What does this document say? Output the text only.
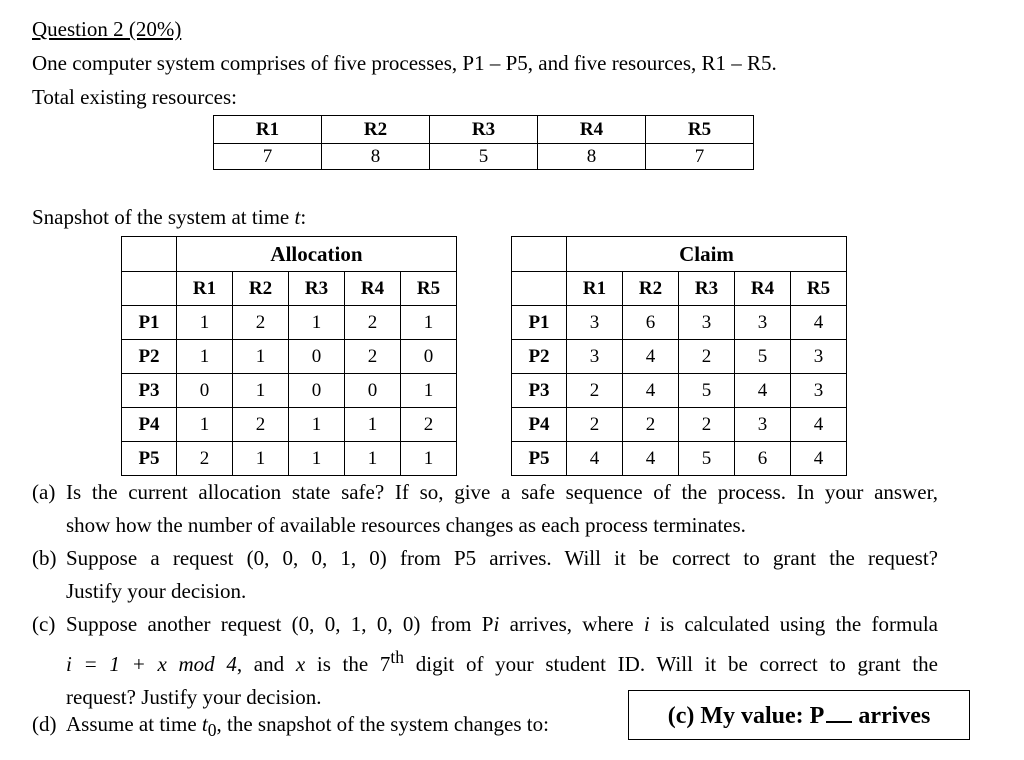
Question 2 (20%)
One computer system comprises of five processes, P1 – P5, and five resources, R1 – R5.
Total existing resources:
R1	R2	R3	R4	R5
7	8	5	8	7
Snapshot of the system at time t:
	Allocation				
	R1	R2	R3	R4	R5
P1	1	2	1	2	1
P2	1	1	0	2	0
P3	0	1	0	0	1
P4	1	2	1	1	2
P5	2	1	1	1	1
	Claim				
	R1	R2	R3	R4	R5
P1	3	6	3	3	4
P2	3	4	2	5	3
P3	2	4	5	4	3
P4	2	2	2	3	4
P5	4	4	5	6	4
(a) Is the current allocation state safe? If so, give a safe sequence of the process. In your answer,
show how the number of available resources changes as each process terminates.
(b) Suppose a request (0, 0, 0, 1, 0) from P5 arrives. Will it be correct to grant the request?
Justify your decision.
(c) Suppose another request (0, 0, 1, 0, 0) from Pi arrives, where i is calculated using the formula
i = 1 + x mod 4, and x is the 7th digit of your student ID. Will it be correct to grant the
request? Justify your decision.
(d) Assume at time $t_0$, the snapshot of the system changes to:	(c) My value: P arrives
